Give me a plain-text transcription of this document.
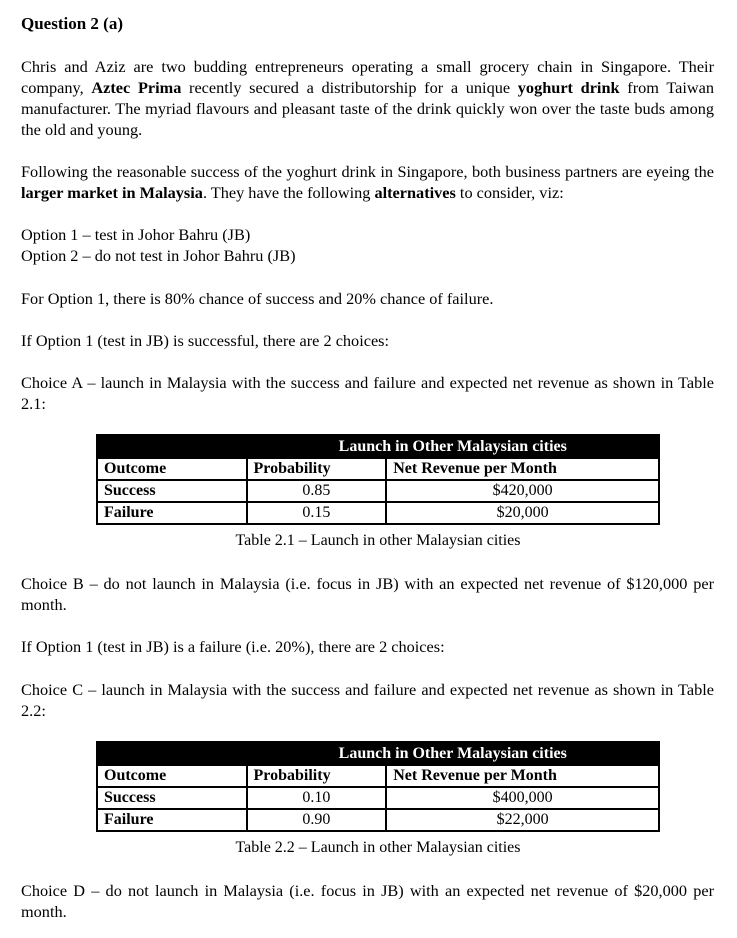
Question 2 (a)

Chris and Aziz are two budding entrepreneurs operating a small grocery chain in Singapore. Their company, Aztec Prima recently secured a distributorship for a unique yoghurt drink from Taiwan manufacturer. The myriad flavours and pleasant taste of the drink quickly won over the taste buds among the old and young.

Following the reasonable success of the yoghurt drink in Singapore, both business partners are eyeing the larger market in Malaysia. They have the following alternatives to consider, viz:

Option 1 – test in Johor Bahru (JB)

Option 2 – do not test in Johor Bahru (JB)

For Option 1, there is 80% chance of success and 20% chance of failure.

If Option 1 (test in JB) is successful, there are 2 choices:

Choice A – launch in Malaysia with the success and failure and expected net revenue as shown in Table 2.1:

	Launch in Other Malaysian cities	
Outcome	Probability	Net Revenue per Month
Success	0.85	$420,000
Failure	0.15	$20,000

Table 2.1 – Launch in other Malaysian cities

Choice B – do not launch in Malaysia (i.e. focus in JB) with an expected net revenue of $120,000 per month.

If Option 1 (test in JB) is a failure (i.e. 20%), there are 2 choices:

Choice C – launch in Malaysia with the success and failure and expected net revenue as shown in Table 2.2:

	Launch in Other Malaysian cities	
Outcome	Probability	Net Revenue per Month
Success	0.10	$400,000
Failure	0.90	$22,000

Table 2.2 – Launch in other Malaysian cities

Choice D – do not launch in Malaysia (i.e. focus in JB) with an expected net revenue of $20,000 per month.
